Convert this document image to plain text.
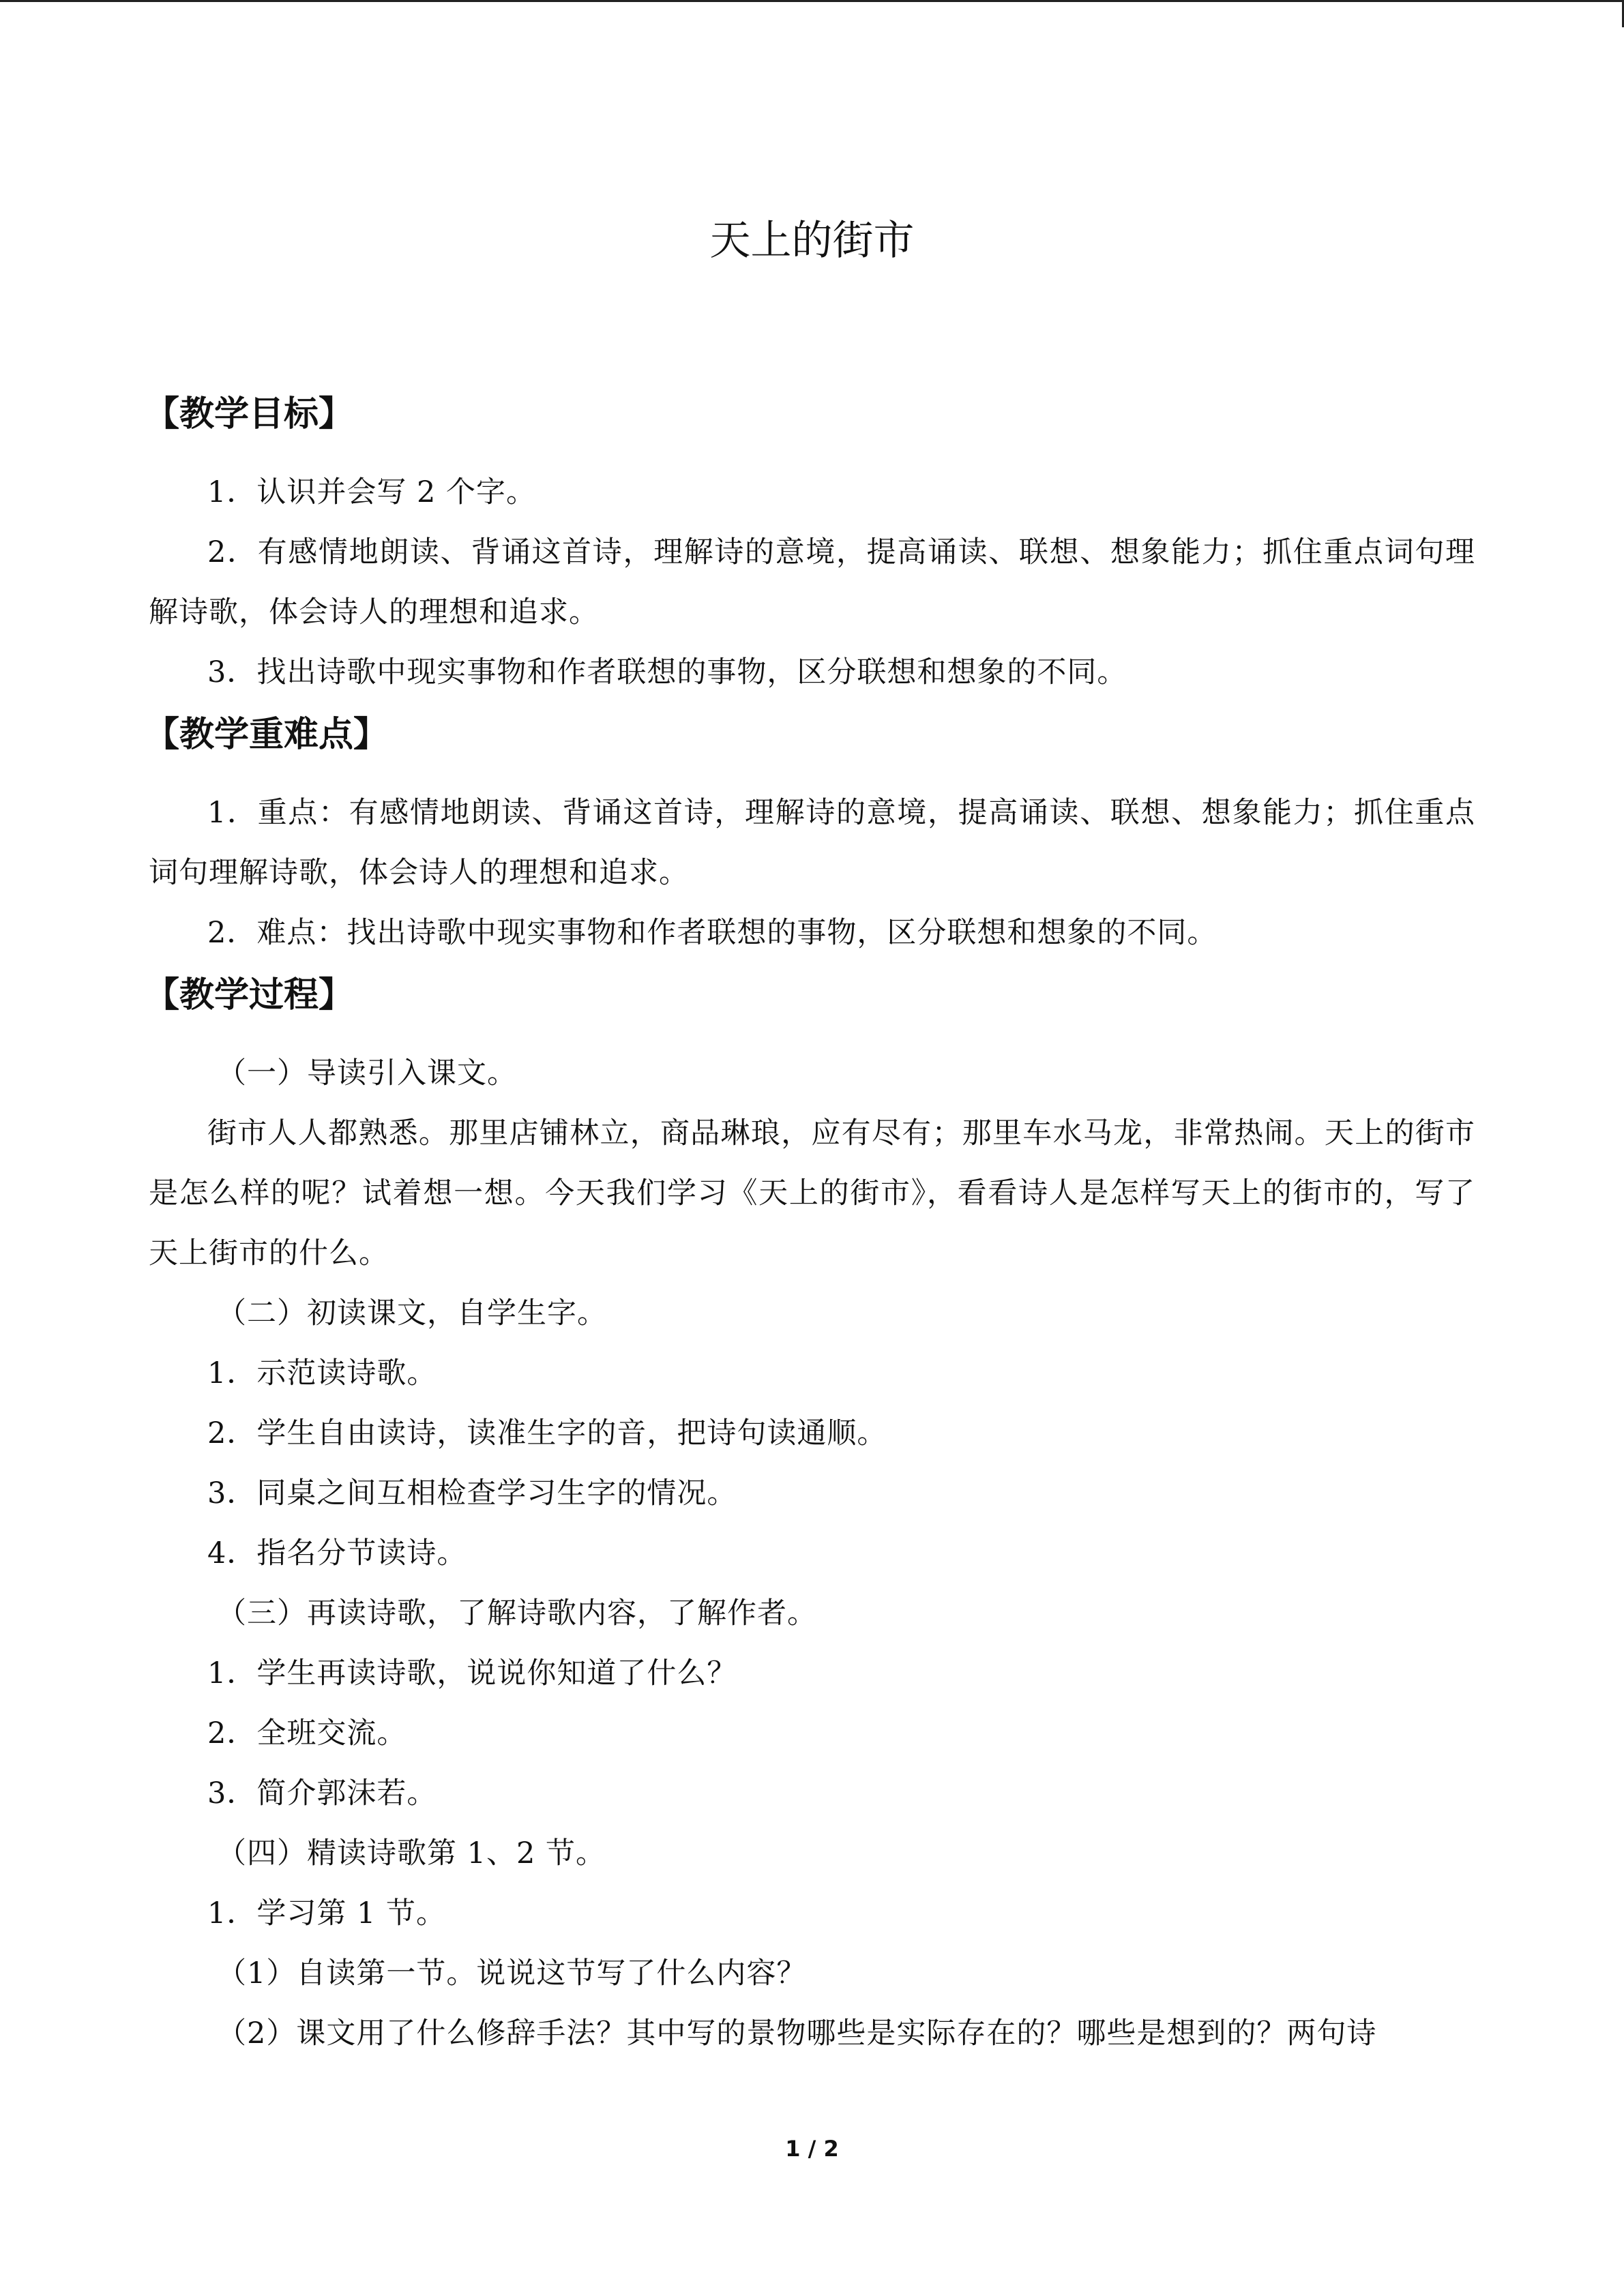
天上的街市
【教学目标】
1．认识并会写 2 个字。
2．有感情地朗读、背诵这首诗，理解诗的意境，提高诵读、联想、想象能力；抓住重点词句理解诗歌，体会诗人的理想和追求。
3．找出诗歌中现实事物和作者联想的事物，区分联想和想象的不同。
【教学重难点】
1．重点：有感情地朗读、背诵这首诗，理解诗的意境，提高诵读、联想、想象能力；抓住重点词句理解诗歌，体会诗人的理想和追求。
2．难点：找出诗歌中现实事物和作者联想的事物，区分联想和想象的不同。
【教学过程】
（一）导读引入课文。
街市人人都熟悉。那里店铺林立，商品琳琅，应有尽有；那里车水马龙，非常热闹。天上的街市是怎么样的呢？试着想一想。今天我们学习《天上的街市》，看看诗人是怎样写天上的街市的，写了天上街市的什么。
（二）初读课文，自学生字。
1．示范读诗歌。
2．学生自由读诗，读准生字的音，把诗句读通顺。
3．同桌之间互相检查学习生字的情况。
4．指名分节读诗。
（三）再读诗歌，了解诗歌内容，了解作者。
1．学生再读诗歌，说说你知道了什么？
2．全班交流。
3．简介郭沫若。
（四）精读诗歌第 1、2 节。
1．学习第 1 节。
（1）自读第一节。说说这节写了什么内容？
（2）课文用了什么修辞手法？其中写的景物哪些是实际存在的？哪些是想到的？两句诗
1 / 2
